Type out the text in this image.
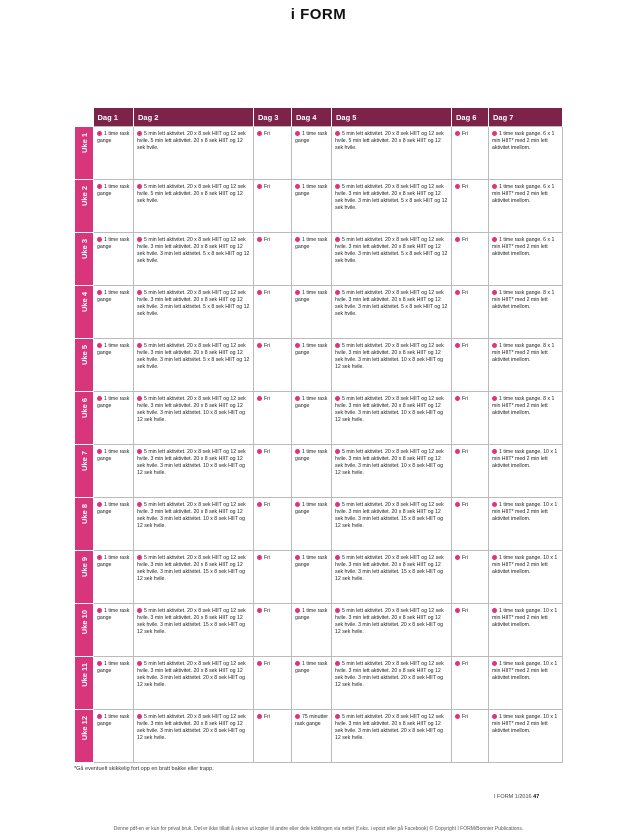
i FORM
	Dag 1	Dag 2	Dag 3	Dag 4	Dag 5	Dag 6	Dag 7

Uke 1	1 time rask gange	5 min lett aktivitet. 20 x 8 sek HIIT og 12 sek hvile. 5 min lett aktivitet. 20 x 8 sek HIIT og 12 sek hvile.	Fri	1 time rask gange	5 min lett aktivitet. 20 x 8 sek HIIT og 12 sek hvile. 5 min lett aktivitet. 20 x 8 sek HIIT og 12 sek hvile.	Fri	1 time rask gange. 6 x 1 min HIIT* med 2 min lett aktivitet imellom.

Uke 2	1 time rask gange	5 min lett aktivitet. 20 x 8 sek HIIT og 12 sek hvile. 5 min lett aktivitet. 20 x 8 sek HIIT og 12 sek hvile.	Fri	1 time rask gange	5 min lett aktivitet. 20 x 8 sek HIIT og 12 sek hvile. 3 min lett aktivitet. 20 x 8 sek HIIT og 12 sek hvile. 3 min lett aktivitet. 5 x 8 sek HIIT og 12 sek hvile.	Fri	1 time rask gange. 6 x 1 min HIIT* med 2 min lett aktivitet imellom.

Uke 3	1 time rask gange	5 min lett aktivitet. 20 x 8 sek HIIT og 12 sek hvile. 3 min lett aktivitet. 20 x 8 sek HIIT og 12 sek hvile. 3 min lett aktivitet. 5 x 8 sek HIIT og 12 sek hvile.	Fri	1 time rask gange	5 min lett aktivitet. 20 x 8 sek HIIT og 12 sek hvile. 3 min lett aktivitet. 20 x 8 sek HIIT og 12 sek hvile. 3 min lett aktivitet. 5 x 8 sek HIIT og 12 sek hvile.	Fri	1 time rask gange. 6 x 1 min HIIT* med 2 min lett aktivitet imellom.

Uke 4	1 time rask gange	5 min lett aktivitet. 20 x 8 sek HIIT og 12 sek hvile. 3 min lett aktivitet. 20 x 8 sek HIIT og 12 sek hvile. 3 min lett aktivitet. 5 x 8 sek HIIT og 12 sek hvile.	Fri	1 time rask gange	5 min lett aktivitet. 20 x 8 sek HIIT og 12 sek hvile. 3 min lett aktivitet. 20 x 8 sek HIIT og 12 sek hvile. 3 min lett aktivitet. 5 x 8 sek HIIT og 12 sek hvile.	Fri	1 time rask gange. 8 x 1 min HIIT* med 2 min lett aktivitet imellom.

Uke 5	1 time rask gange	5 min lett aktivitet. 20 x 8 sek HIIT og 12 sek hvile. 3 min lett aktivitet. 20 x 8 sek HIIT og 12 sek hvile. 3 min lett aktivitet. 5 x 8 sek HIIT og 12 sek hvile.	Fri	1 time rask gange	5 min lett aktivitet. 20 x 8 sek HIIT og 12 sek hvile. 3 min lett aktivitet. 20 x 8 sek HIIT og 12 sek hvile. 3 min lett aktivitet. 10 x 8 sek HIIT og 12 sek hvile.	Fri	1 time rask gange. 8 x 1 min HIIT* med 2 min lett aktivitet imellom.

Uke 6	1 time rask gange	5 min lett aktivitet. 20 x 8 sek HIIT og 12 sek hvile. 3 min lett aktivitet. 20 x 8 sek HIIT og 12 sek hvile. 3 min lett aktivitet. 10 x 8 sek HIIT og 12 sek hvile.	Fri	1 time rask gange	5 min lett aktivitet. 20 x 8 sek HIIT og 12 sek hvile. 3 min lett aktivitet. 20 x 8 sek HIIT og 12 sek hvile. 3 min lett aktivitet. 10 x 8 sek HIIT og 12 sek hvile.	Fri	1 time rask gange. 8 x 1 min HIIT* med 2 min lett aktivitet imellom.

Uke 7	1 time rask gange	5 min lett aktivitet. 20 x 8 sek HIIT og 12 sek hvile. 3 min lett aktivitet. 20 x 8 sek HIIT og 12 sek hvile. 3 min lett aktivitet. 10 x 8 sek HIIT og 12 sek hvile.	Fri	1 time rask gange	5 min lett aktivitet. 20 x 8 sek HIIT og 12 sek hvile. 3 min lett aktivitet. 20 x 8 sek HIIT og 12 sek hvile. 3 min lett aktivitet. 10 x 8 sek HIIT og 12 sek hvile.	Fri	1 time rask gange. 10 x 1 min HIIT* med 2 min lett aktivitet imellom.

Uke 8	1 time rask gange	5 min lett aktivitet. 20 x 8 sek HIIT og 12 sek hvile. 3 min lett aktivitet. 20 x 8 sek HIIT og 12 sek hvile. 3 min lett aktivitet. 10 x 8 sek HIIT og 12 sek hvile.	Fri	1 time rask gange	5 min lett aktivitet. 20 x 8 sek HIIT og 12 sek hvile. 3 min lett aktivitet. 20 x 8 sek HIIT og 12 sek hvile. 3 min lett aktivitet. 15 x 8 sek HIIT og 12 sek hvile.	Fri	1 time rask gange. 10 x 1 min HIIT* med 2 min lett aktivitet imellom.

Uke 9	1 time rask gange	5 min lett aktivitet. 20 x 8 sek HIIT og 12 sek hvile. 3 min lett aktivitet. 20 x 8 sek HIIT og 12 sek hvile. 3 min lett aktivitet. 15 x 8 sek HIIT og 12 sek hvile.	Fri	1 time rask gange	5 min lett aktivitet. 20 x 8 sek HIIT og 12 sek hvile. 3 min lett aktivitet. 20 x 8 sek HIIT og 12 sek hvile. 3 min lett aktivitet. 15 x 8 sek HIIT og 12 sek hvile.	Fri	1 time rask gange. 10 x 1 min HIIT* med 2 min lett aktivitet imellom.

Uke 10	1 time rask gange	5 min lett aktivitet. 20 x 8 sek HIIT og 12 sek hvile. 3 min lett aktivitet. 20 x 8 sek HIIT og 12 sek hvile. 3 min lett aktivitet. 15 x 8 sek HIIT og 12 sek hvile.	Fri	1 time rask gange	5 min lett aktivitet. 20 x 8 sek HIIT og 12 sek hvile. 3 min lett aktivitet. 20 x 8 sek HIIT og 12 sek hvile. 3 min lett aktivitet. 20 x 8 sek HIIT og 12 sek hvile.	Fri	1 time rask gange. 10 x 1 min HIIT* med 2 min lett aktivitet imellom.

Uke 11	1 time rask gange	5 min lett aktivitet. 20 x 8 sek HIIT og 12 sek hvile. 3 min lett aktivitet. 20 x 8 sek HIIT og 12 sek hvile. 3 min lett aktivitet. 20 x 8 sek HIIT og 12 sek hvile.	Fri	1 time rask gange	5 min lett aktivitet. 20 x 8 sek HIIT og 12 sek hvile. 3 min lett aktivitet. 20 x 8 sek HIIT og 12 sek hvile. 3 min lett aktivitet. 20 x 8 sek HIIT og 12 sek hvile.	Fri	1 time rask gange. 10 x 1 min HIIT* med 2 min lett aktivitet imellom.

Uke 12	1 time rask gange	5 min lett aktivitet. 20 x 8 sek HIIT og 12 sek hvile. 3 min lett aktivitet. 20 x 8 sek HIIT og 12 sek hvile. 3 min lett aktivitet. 20 x 8 sek HIIT og 12 sek hvile.	Fri	75 minutter rask gange	5 min lett aktivitet. 20 x 8 sek HIIT og 12 sek hvile. 3 min lett aktivitet. 20 x 8 sek HIIT og 12 sek hvile. 3 min lett aktivitet. 20 x 8 sek HIIT og 12 sek hvile.	Fri	1 time rask gange. 10 x 1 min HIIT* med 2 min lett aktivitet imellom.
*Gå eventuelt skikkelig fort opp en bratt bakke eller trapp.
I FORM 1/2016 47
Denne pdf-en er kun for privat bruk. Det er ikke tillatt å skrive ut kopier til andre eller dele koblingen via nettet (f.eks. i epost eller på Facebook) © Copyright I FORM/Bonnier Publications.
